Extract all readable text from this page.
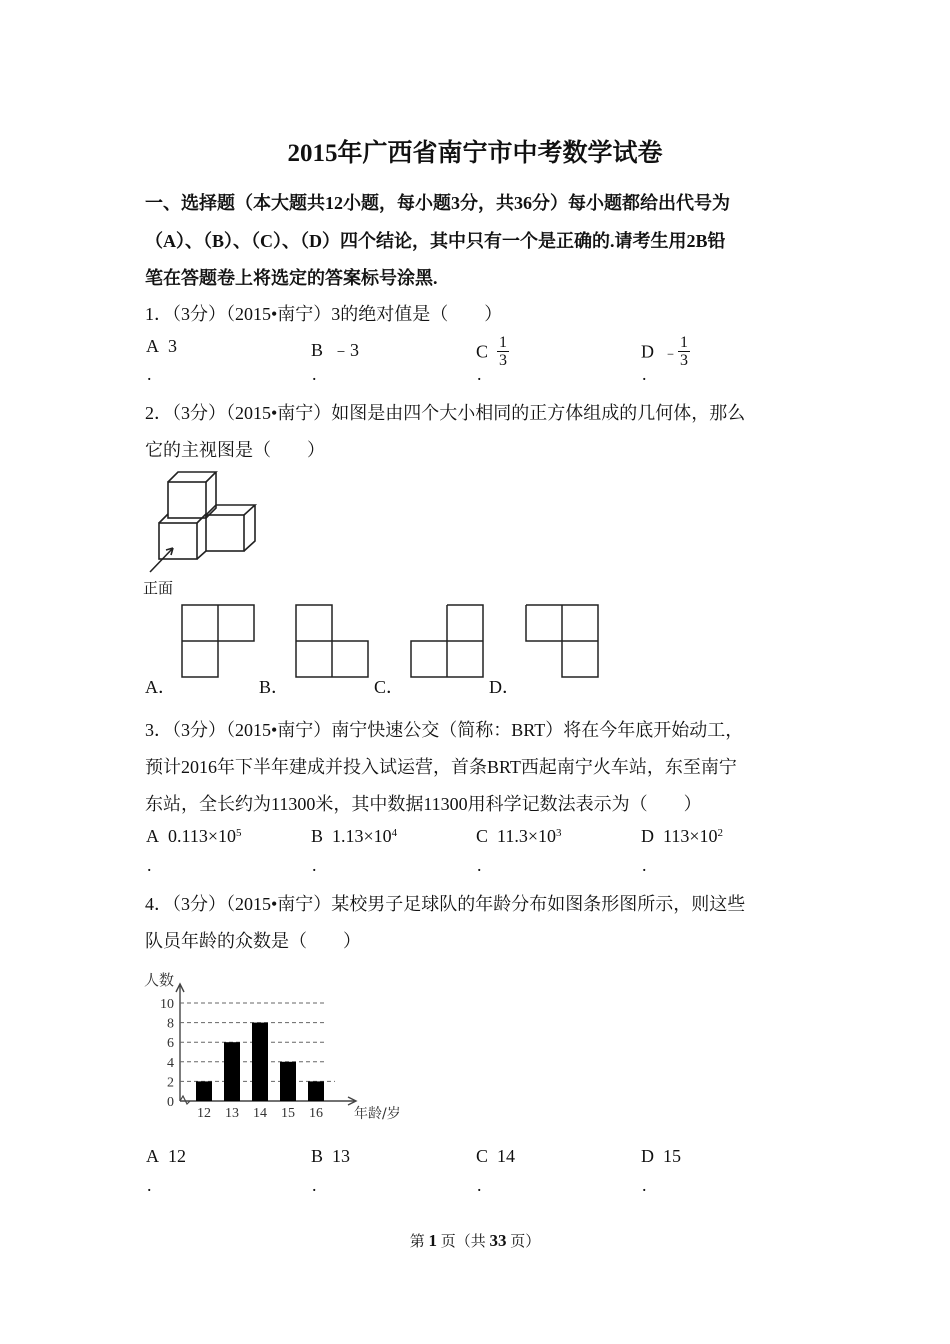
2015年广西省南宁市中考数学试卷
一、选择题（本大题共12小题，每小题3分，共36分）每小题都给出代号为
（A）、（B）、（C）、（D）四个结论，其中只有一个是正确的.请考生用2B铅
笔在答题卷上将选定的答案标号涂黑.
1．（3分）（2015•南宁）3的绝对值是（　　）
A 3	B ﹣3	C $\frac{1}{3}$	D ﹣ $\frac{1}{3}$
.	.	.	.
2．（3分）（2015•南宁）如图是由四个大小相同的正方体组成的几何体，那么
它的主视图是（　　）
正面
A．	B．	C．	D．
3．（3分）（2015•南宁）南宁快速公交（简称：BRT）将在今年底开始动工，
预计2016年下半年建成并投入试运营，首条BRT西起南宁火车站，东至南宁
东站，全长约为11300米，其中数据11300用科学记数法表示为（　　）
A $0.113\times 10^5$	B $1.13\times 10^4$	C $11.3\times 10^3$	D $113\times 10^2$
.	.	.	.
4．（3分）（2015•南宁）某校男子足球队的年龄分布如图条形图所示，则这些
队员年龄的众数是（　　）
0
2
4
6
8
10
12 13 14 15 16
人数
年龄/岁
A 12	B 13	C 14	D 15
.	.	.	.
第 1 页（共 33 页）
